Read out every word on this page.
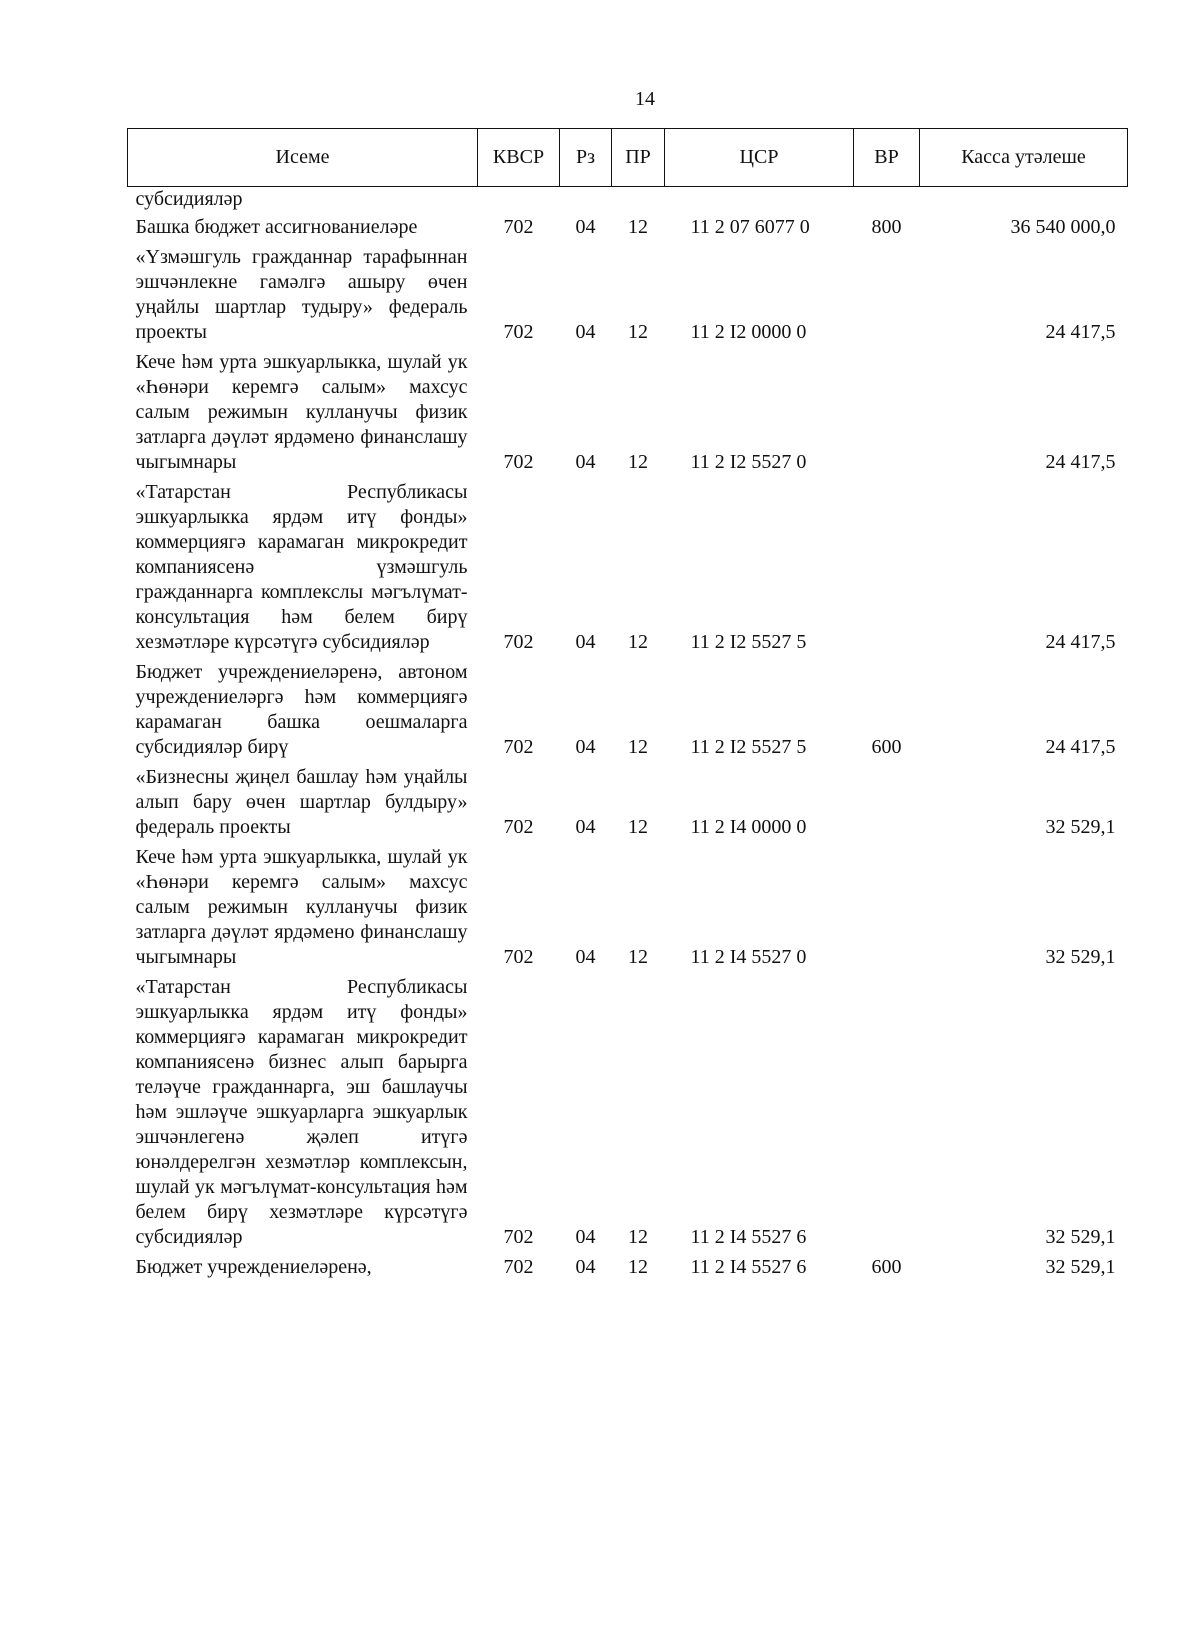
14
Исеме	КВСР	Рз	ПР	ЦСР	ВР	Касса утәлеше
субсидияләр						
Башка бюджет ассигнованиеләре	702	04	12	11 2 07 6077 0	800	36 540 000,0
«Үзмәшгуль гражданнар тарафыннан эшчәнлекне гамәлгә ашыру өчен уңайлы шартлар тудыру» федераль проекты	702	04	12	11 2 I2 0000 0		24 417,5
Кече һәм урта эшкуарлыкка, шулай ук «Һөнәри керемгә салым» махсус салым режимын кулланучы физик затларга дәүләт ярдәмено финанслашу чыгымнары	702	04	12	11 2 I2 5527 0		24 417,5
«Татарстан Республикасы эшкуарлыкка ярдәм итү фонды» коммерциягә карамаган микрокредит компаниясенә үзмәшгуль гражданнарга комплекслы мәгълүмат-консультация һәм белем бирү хезмәтләре күрсәтүгә субсидияләр	702	04	12	11 2 I2 5527 5		24 417,5
Бюджет учреждениеләренә, автоном учреждениеләргә һәм коммерциягә карамаган башка оешмаларга субсидияләр бирү	702	04	12	11 2 I2 5527 5	600	24 417,5
«Бизнесны җиңел башлау һәм уңайлы алып бару өчен шартлар булдыру» федераль проекты	702	04	12	11 2 I4 0000 0		32 529,1
Кече һәм урта эшкуарлыкка, шулай ук «Һөнәри керемгә салым» махсус салым режимын кулланучы физик затларга дәүләт ярдәмено финанслашу чыгымнары	702	04	12	11 2 I4 5527 0		32 529,1
«Татарстан Республикасы эшкуарлыкка ярдәм итү фонды» коммерциягә карамаган микрокредит компаниясенә бизнес алып барырга теләүче гражданнарга, эш башлаучы һәм эшләүче эшкуарларга эшкуарлык эшчәнлегенә җәлеп итүгә юнәлдерелгән хезмәтләр комплексын, шулай ук мәгълүмат-консультация һәм белем бирү хезмәтләре күрсәтүгә субсидияләр	702	04	12	11 2 I4 5527 6		32 529,1
Бюджет учреждениеләренә,	702	04	12	11 2 I4 5527 6	600	32 529,1
